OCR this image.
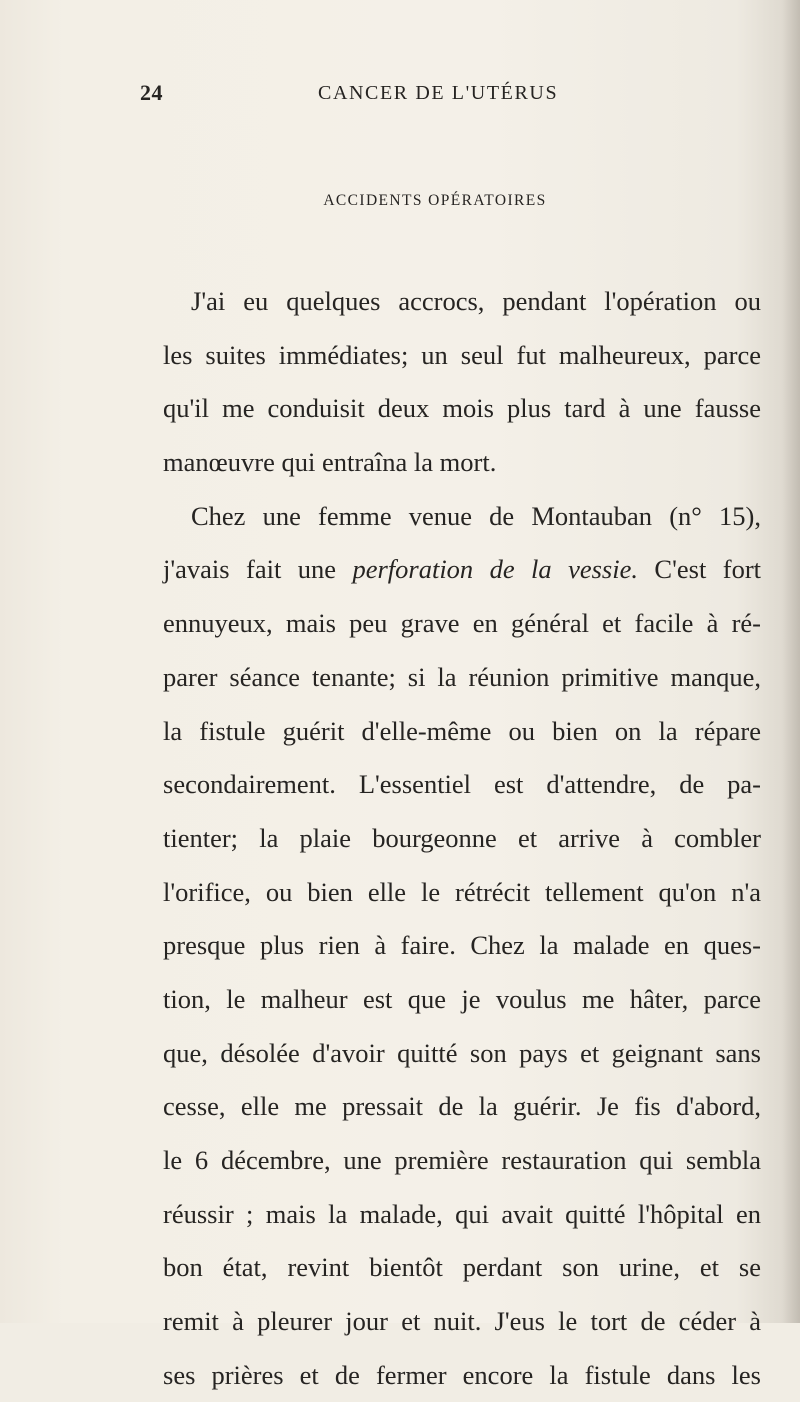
24	CANCER DE L'UTÉRUS
ACCIDENTS OPÉRATOIRES
J'ai eu quelques accrocs, pendant l'opération ou
les suites immédiates; un seul fut malheureux, parce
qu'il me conduisit deux mois plus tard à une fausse
manœuvre qui entraîna la mort.
Chez une femme venue de Montauban (n° 15),
j'avais fait une perforation de la vessie. C'est fort
ennuyeux, mais peu grave en général et facile à ré-
parer séance tenante; si la réunion primitive manque,
la fistule guérit d'elle-même ou bien on la répare
secondairement. L'essentiel est d'attendre, de pa-
tienter; la plaie bourgeonne et arrive à combler
l'orifice, ou bien elle le rétrécit tellement qu'on n'a
presque plus rien à faire. Chez la malade en ques-
tion, le malheur est que je voulus me hâter, parce
que, désolée d'avoir quitté son pays et geignant sans
cesse, elle me pressait de la guérir. Je fis d'abord,
le 6 décembre, une première restauration qui sembla
réussir ; mais la malade, qui avait quitté l'hôpital en
bon état, revint bientôt perdant son urine, et se
remit à pleurer jour et nuit. J'eus le tort de céder à
ses prières et de fermer encore la fistule dans les
